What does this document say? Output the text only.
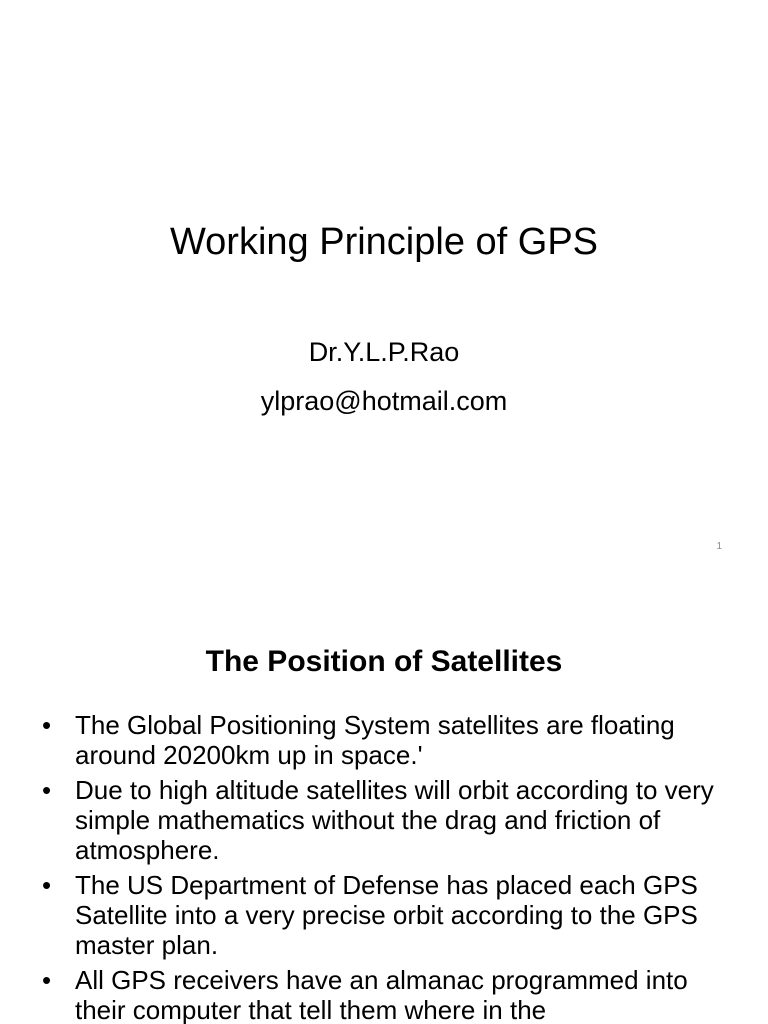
Working Principle of GPS
Dr.Y.L.P.Rao
ylprao@hotmail.com
1
The Position of Satellites
• The Global Positioning System satellites are floating around 20200km up in space.'
• Due to high altitude satellites will orbit according to very simple mathematics without the drag and friction of atmosphere.
• The US Department of Defense has placed each GPS Satellite into a very precise orbit according to the GPS master plan.
• All GPS receivers have an almanac programmed into their computer that tell them where in the
